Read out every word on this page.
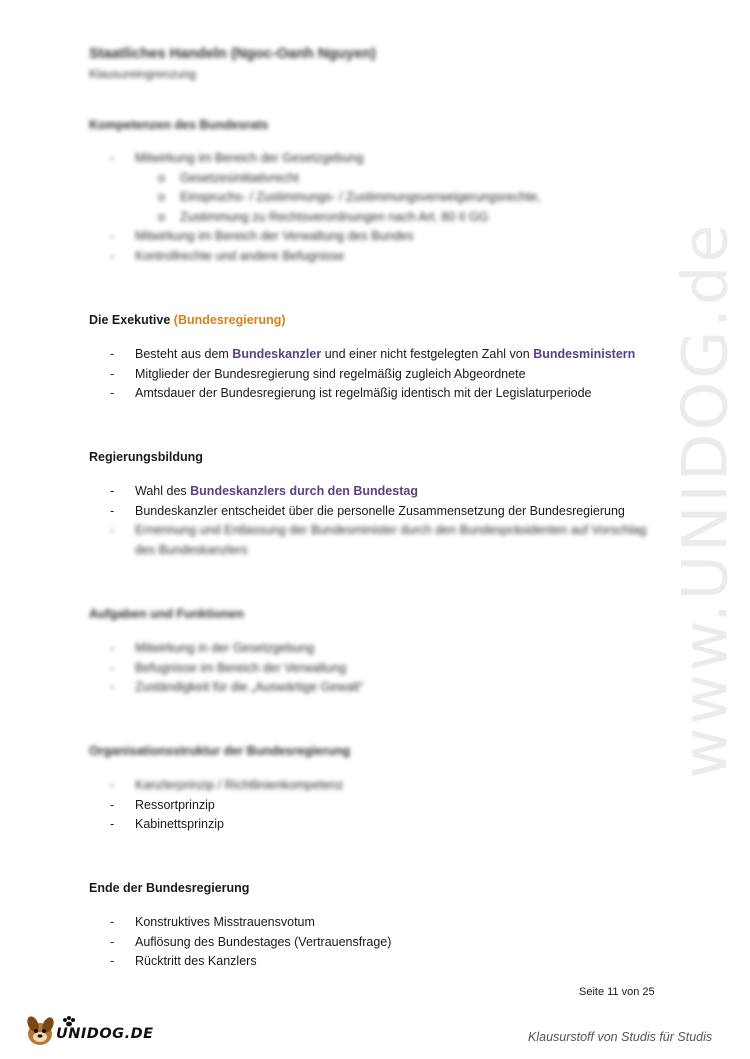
www.UNIDOG.de
Staatliches Handeln (Ngoc-Oanh Nguyen)
Klausureingrenzung
Kompetenzen des Bundesrats
- Mitwirkung im Bereich der Gesetzgebung
o Gesetzesinitiativrecht
o Einspruchs- / Zustimmungs- / Zustimmungsverweigerungsrechte,
o Zustimmung zu Rechtsverordnungen nach Art. 80 II GG
- Mitwirkung im Bereich der Verwaltung des Bundes
- Kontrollrechte und andere Befugnisse
Die Exekutive (Bundesregierung)
- Besteht aus dem Bundeskanzler und einer nicht festgelegten Zahl von Bundesministern
- Mitglieder der Bundesregierung sind regelmäßig zugleich Abgeordnete
- Amtsdauer der Bundesregierung ist regelmäßig identisch mit der Legislaturperiode
Regierungsbildung
- Wahl des Bundeskanzlers durch den Bundestag
- Bundeskanzler entscheidet über die personelle Zusammensetzung der Bundesregierung
- Ernennung und Entlassung der Bundesminister durch den Bundespräsidenten auf Vorschlag des Bundeskanzlers
Aufgaben und Funktionen
- Mitwirkung in der Gesetzgebung
- Befugnisse im Bereich der Verwaltung
- Zuständigkeit für die „Auswärtige Gewalt“
Organisationsstruktur der Bundesregierung
- Kanzlerprinzip / Richtlinienkompetenz
- Ressortprinzip
- Kabinettsprinzip
Ende der Bundesregierung
- Konstruktives Misstrauensvotum
- Auflösung des Bundestages (Vertrauensfrage)
- Rücktritt des Kanzlers
Seite 11 von 25
UNIDOG.DE	Klausurstoff von Studis für Studis
